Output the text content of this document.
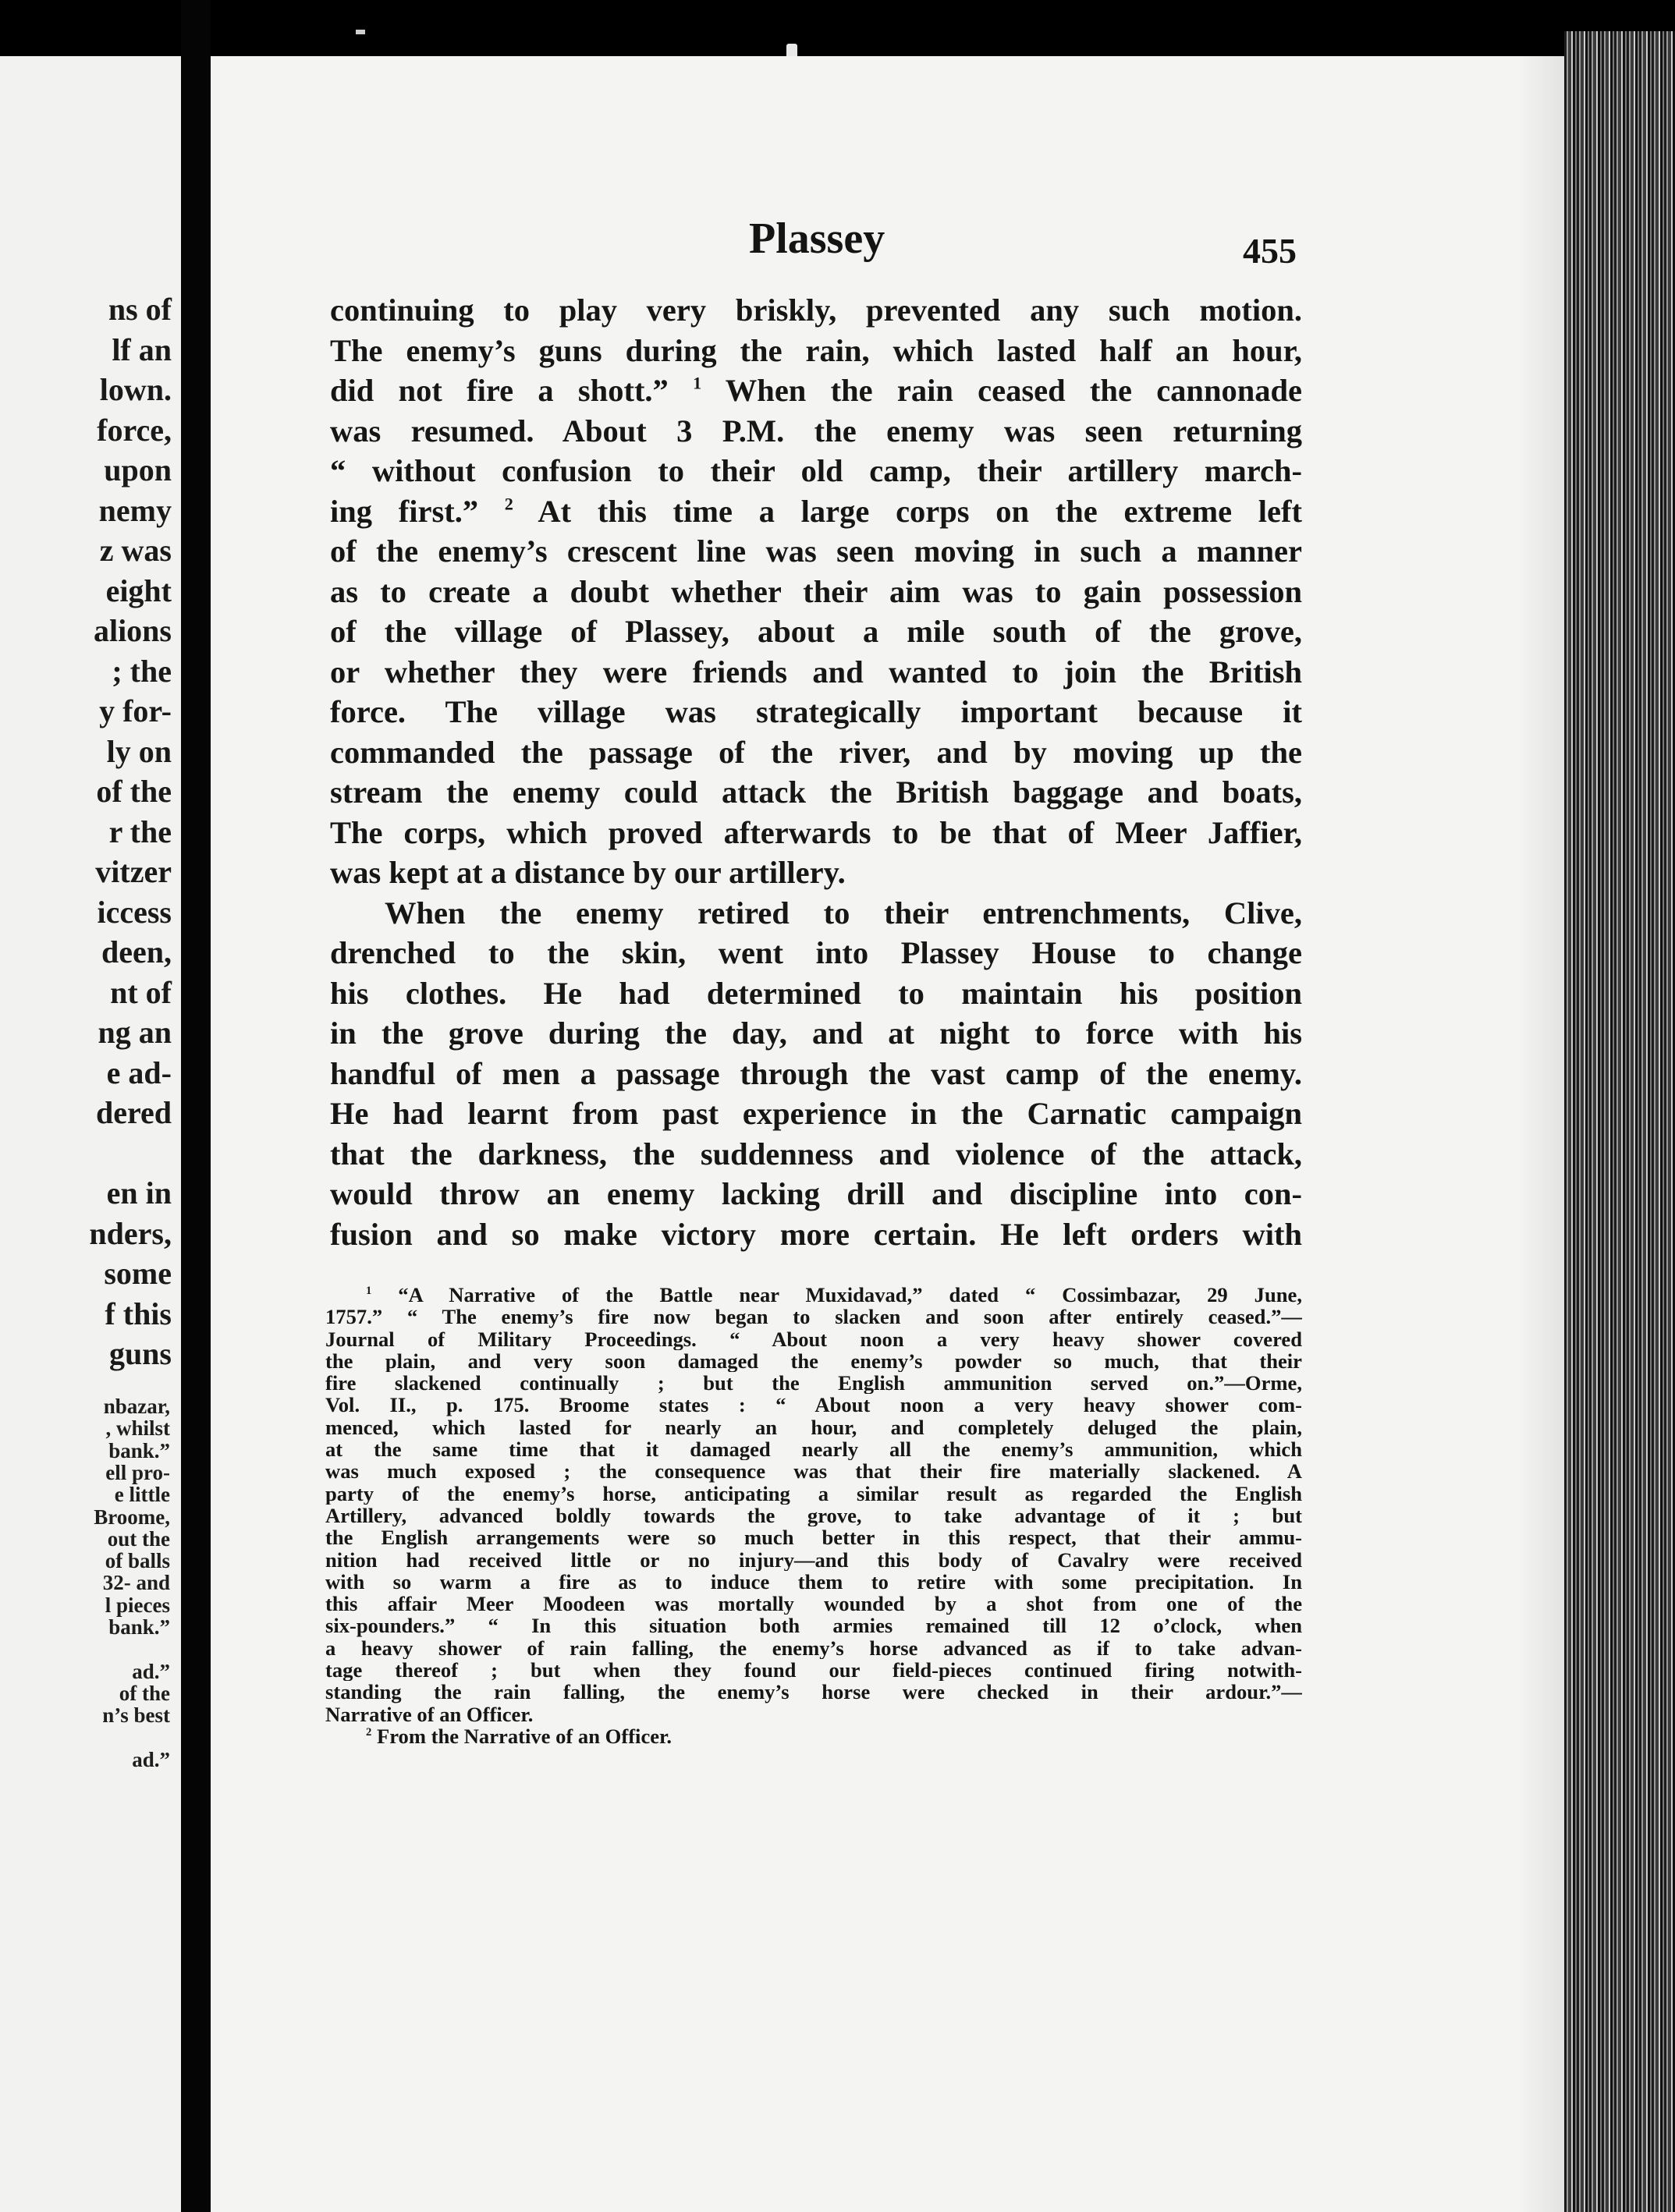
ns of
lf an
lown.
force,
upon
nemy
z was
eight
alions
; the
y for-
ly on
of the
r the
vitzer
iccess
deen,
nt of
ng an
e ad-
dered
en in
nders,
some
f this
guns
nbazar,
, whilst
bank.”
ell pro-
e little
Broome,
out the
of balls
32- and
l pieces
bank.”
ad.”
of the
n’s best
ad.”
Plassey	455
continuing to play very briskly, prevented any such motion.
The enemy’s guns during the rain, which lasted half an hour,
did not fire a shott.” $^1$ When the rain ceased the cannonade
was resumed. About 3 P.M. the enemy was seen returning
“ without confusion to their old camp, their artillery march-
ing first.” $^2$ At this time a large corps on the extreme left
of the enemy’s crescent line was seen moving in such a manner
as to create a doubt whether their aim was to gain possession
of the village of Plassey, about a mile south of the grove,
or whether they were friends and wanted to join the British
force. The village was strategically important because it
commanded the passage of the river, and by moving up the
stream the enemy could attack the British baggage and boats,
The corps, which proved afterwards to be that of Meer Jaffier,
was kept at a distance by our artillery.
When the enemy retired to their entrenchments, Clive,
drenched to the skin, went into Plassey House to change
his clothes. He had determined to maintain his position
in the grove during the day, and at night to force with his
handful of men a passage through the vast camp of the enemy.
He had learnt from past experience in the Carnatic campaign
that the darkness, the suddenness and violence of the attack,
would throw an enemy lacking drill and discipline into con-
fusion and so make victory more certain. He left orders with
$^1$ “A Narrative of the Battle near Muxidavad,” dated “ Cossimbazar, 29 June,
1757.” “ The enemy’s fire now began to slacken and soon after entirely ceased.”—
Journal of Military Proceedings. “ About noon a very heavy shower covered
the plain, and very soon damaged the enemy’s powder so much, that their
fire slackened continually ; but the English ammunition served on.”—Orme,
Vol. II., p. 175. Broome states : “ About noon a very heavy shower com-
menced, which lasted for nearly an hour, and completely deluged the plain,
at the same time that it damaged nearly all the enemy’s ammunition, which
was much exposed ; the consequence was that their fire materially slackened. A
party of the enemy’s horse, anticipating a similar result as regarded the English
Artillery, advanced boldly towards the grove, to take advantage of it ; but
the English arrangements were so much better in this respect, that their ammu-
nition had received little or no injury—and this body of Cavalry were received
with so warm a fire as to induce them to retire with some precipitation. In
this affair Meer Moodeen was mortally wounded by a shot from one of the
six-pounders.” “ In this situation both armies remained till 12 o’clock, when
a heavy shower of rain falling, the enemy’s horse advanced as if to take advan-
tage thereof ; but when they found our field-pieces continued firing notwith-
standing the rain falling, the enemy’s horse were checked in their ardour.”—
Narrative of an Officer.
$^2$ From the Narrative of an Officer.
